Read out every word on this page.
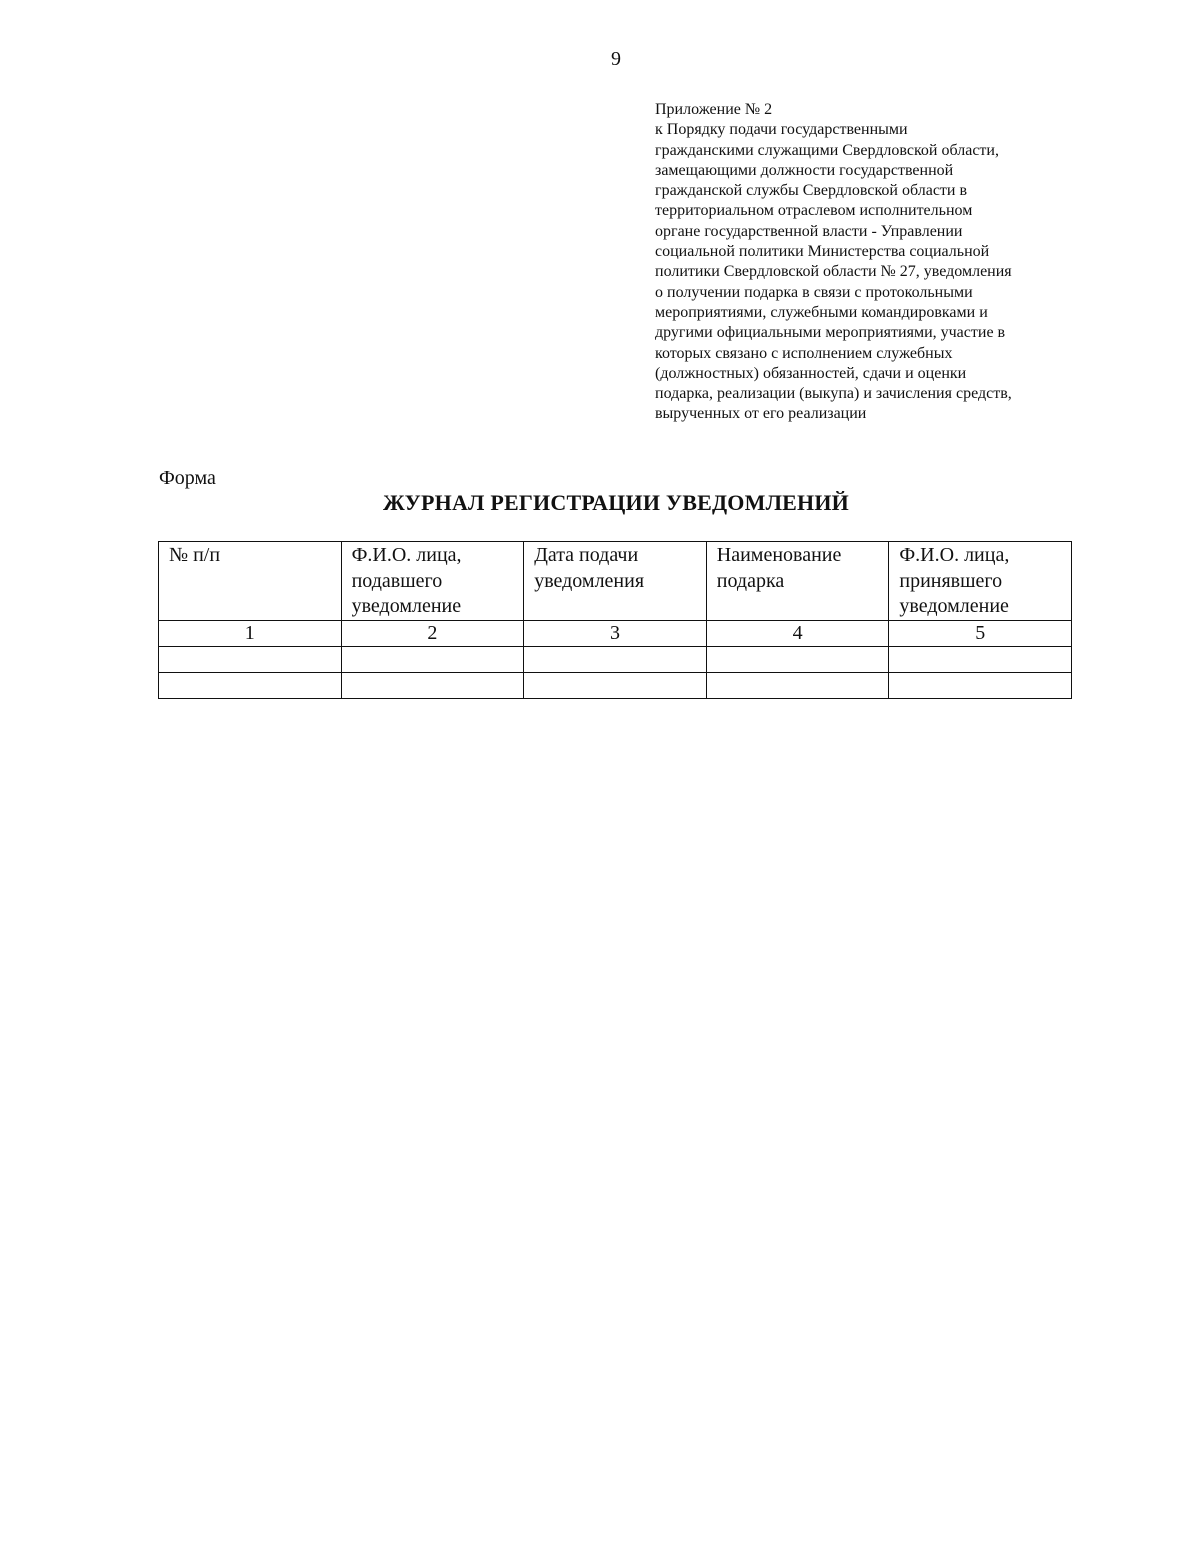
9
Приложение № 2
к Порядку подачи государственными
гражданскими служащими Свердловской области,
замещающими должности государственной
гражданской службы Свердловской области в
территориальном отраслевом исполнительном
органе государственной власти - Управлении
социальной политики Министерства социальной
политики Свердловской области № 27, уведомления
о получении подарка в связи с протокольными
мероприятиями, служебными командировками и
другими официальными мероприятиями, участие в
которых связано с исполнением служебных
(должностных) обязанностей, сдачи и оценки
подарка, реализации (выкупа) и зачисления средств,
вырученных от его реализации
Форма
ЖУРНАЛ РЕГИСТРАЦИИ УВЕДОМЛЕНИЙ
№ п/п	Ф.И.О. лица, подавшего уведомление	Дата подачи уведомления	Наименование подарка	Ф.И.О. лица, принявшего уведомление
1	2	3	4	5
